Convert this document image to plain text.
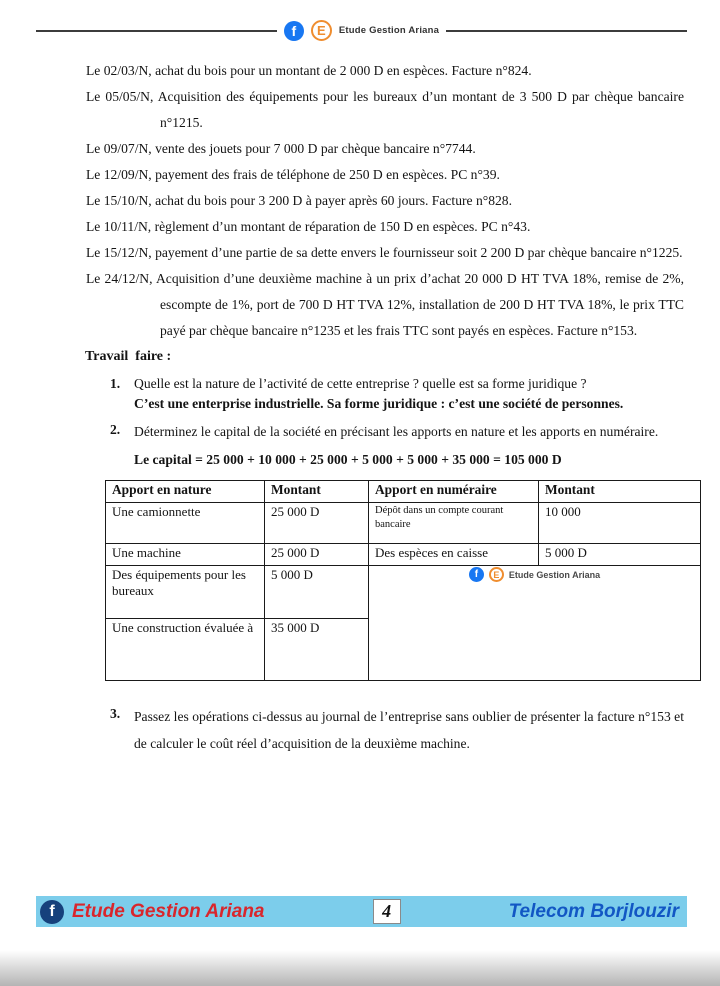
f	E	Etude Gestion Ariana

Le 02/03/N, achat du bois pour un montant de 2 000 D en espèces. Facture n°824.

Le 05/05/N, Acquisition des équipements pour les bureaux d’un montant de 3 500 D par chèque bancaire n°1215.

Le 09/07/N, vente des jouets pour 7 000 D par chèque bancaire n°7744.

Le 12/09/N, payement des frais de téléphone de 250 D en espèces. PC n°39.

Le 15/10/N, achat du bois pour 3 200 D à payer après 60 jours. Facture n°828.

Le 10/11/N, règlement d’un montant de réparation de 150 D en espèces. PC n°43.

Le 15/12/N, payement d’une partie de sa dette envers le fournisseur soit 2 200 D par chèque bancaire n°1225.

Le 24/12/N, Acquisition d’une deuxième machine à un prix d’achat 20 000 D HT TVA 18%, remise de 2%, escompte de 1%, port de 700 D HT TVA 12%, installation de 200 D HT TVA 18%, le prix TTC payé par chèque bancaire n°1235 et les frais TTC sont payés en espèces. Facture n°153.

Travail  faire :
1.	Quelle est la nature de l’activité de cette entreprise ? quelle est sa forme juridique ?
C’est une enterprise industrielle. Sa forme juridique : c’est une société de personnes.
2.	Déterminez le capital de la société en précisant les apports en nature et les apports en numéraire.
Le capital = 25 000 + 10 000 + 25 000 + 5 000 + 5 000 + 35 000 = 105 000 D
Apport en nature	Montant	Apport en numéraire	Montant
Une camionnette	25 000 D	Dépôt dans un compte courant bancaire	10 000
Une machine	25 000 D	Des espèces en caisse	5 000 D
Des équipements pour les bureaux	5 000 D	f E Etude Gestion Ariana	

Une construction évaluée à	35 000 D		
3.	Passez les opérations ci-dessus au journal de l’entreprise sans oublier de présenter la facture n°153 et de calculer le coût réel d’acquisition de la deuxième machine.
f Etude Gestion Ariana	4	Telecom Borjlouzir
